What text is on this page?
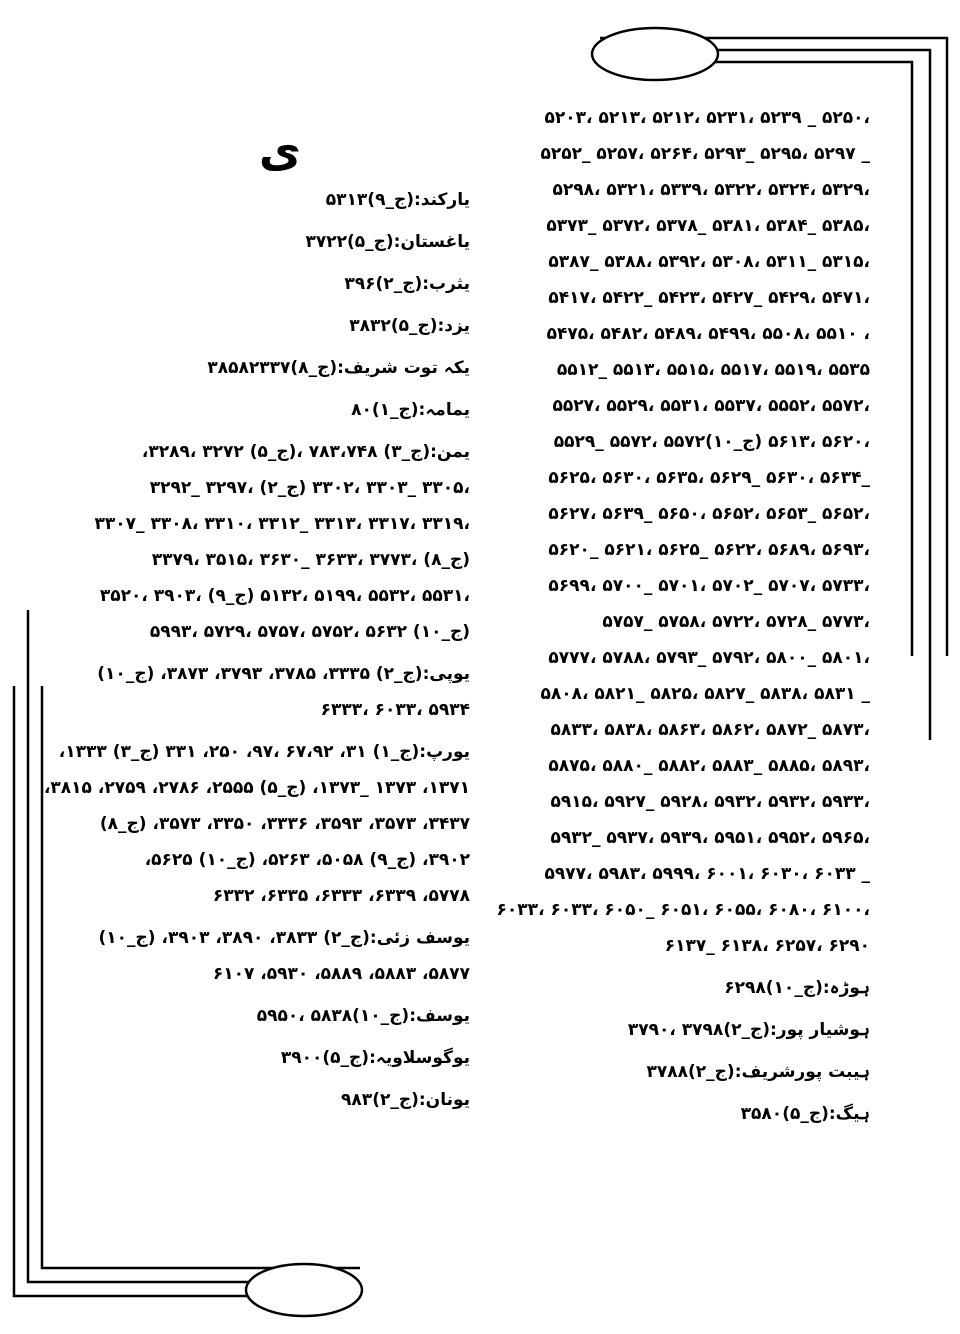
،۵۲۵۰ _ ۵۲۳۹ ،۵۲۳۱ ،۵۲۱۲ ،۵۲۱۳ ،۵۲۰۳
_ ۵۲۹۷ ،۵۲۹۵ _۵۲۹۳ ،۵۲۶۴ ،۵۲۵۷ _۵۲۵۲
،۵۳۲۹ ،۵۳۲۴ ،۵۳۲۲ ،۵۳۳۹ ،۵۳۲۱ ،۵۲۹۸
،۵۳۸۵ _۵۳۸۴ ،۵۳۸۱ _۵۳۷۸ ،۵۳۷۲ _۵۳۷۳
،۵۳۱۵ _۵۳۱۱ ،۵۳۰۸ ،۵۳۹۲ ،۵۳۸۸ _۵۳۸۷
،۵۴۷۱ ،۵۴۲۹ _۵۴۲۷ ،۵۴۲۳ _۵۴۲۲ ،۵۴۱۷
، ۵۵۱۰ ،۵۵۰۸ ،۵۴۹۹ ،۵۴۸۹ ،۵۴۸۲ ،۵۴۷۵
۵۵۳۵ ،۵۵۱۹ ،۵۵۱۷ ،۵۵۱۵ ،۵۵۱۳ _۵۵۱۲
،۵۵۷۲ ،۵۵۵۲ ،۵۵۳۷ ،۵۵۳۱ ،۵۵۲۹ ،۵۵۲۷
،۵۶۲۰ ،۵۶۱۳ (ج_۱۰)۵۵۷۲ ،۵۵۷۲ _۵۵۲۹
_۵۶۳۴ ،۵۶۳۰ _۵۶۲۹ ،۵۶۳۵ ،۵۶۳۰ ،۵۶۲۵
،۵۶۵۲ _۵۶۵۳ ،۵۶۵۲ ،۵۶۵۰ _۵۶۳۹ ،۵۶۲۷
،۵۶۹۳ ،۵۶۸۹ ،۵۶۲۲ _۵۶۲۵ ،۵۶۲۱ _۵۶۲۰
،۵۷۳۳ ،۵۷۰۷ _۵۷۰۲ ،۵۷۰۱ _۵۷۰۰ ،۵۶۹۹
،۵۷۷۳ _۵۷۲۸ ،۵۷۲۲ ،۵۷۵۸ _۵۷۵۷
،۵۸۰۱ _۵۸۰۰ ،۵۷۹۲ _۵۷۹۳ ،۵۷۸۸ ،۵۷۷۷
_ ۵۸۳۱ ،۵۸۳۸ _۵۸۲۷ ،۵۸۲۵ _۵۸۲۱ ،۵۸۰۸
،۵۸۷۳ _۵۸۷۲ ،۵۸۶۲ ،۵۸۶۳ ،۵۸۳۸ ،۵۸۳۳
،۵۸۹۳ ،۵۸۸۵ _۵۸۸۳ ،۵۸۸۲ _۵۸۸۰ ،۵۸۷۵
،۵۹۳۳ ،۵۹۳۲ ،۵۹۳۲ ،۵۹۲۸ _۵۹۲۷ ،۵۹۱۵
،۵۹۶۵ ،۵۹۵۲ ،۵۹۵۱ ،۵۹۳۹ ،۵۹۳۷ _۵۹۳۲
_ ۶۰۳۳ ،۶۰۳۰ ،۶۰۰۱ ،۵۹۹۹ ،۵۹۸۳ ،۵۹۷۷
،۶۱۰۰ ،۶۰۸۰ ،۶۰۵۵ ،۶۰۵۱ _۶۰۵۰ ،۶۰۳۳ ،۶۰۳۳
۶۲۹۰ ،۶۲۵۷ ،۶۱۳۸ _۶۱۳۷
ہوڑہ:(ج_۱۰)۶۲۹۸
ہوشیار پور:(ج_۲)۳۷۹۸ ،۳۷۹۰
ہیبت پورشریف:(ج_۲)۳۷۸۸
ہیگ:(ج_۵)۳۵۸۰
ی
یارکند:(ج_۹)۵۳۱۳
یاغستان:(ج_۵)۳۷۲۲
یثرب:(ج_۲)۳۹۶
یزد:(ج_۵)۳۸۳۲
یکہ توت شریف:(ج_۸)۳۸۵۸۲۳۳۷
یمامہ:(ج_۱)۸۰
یمن:(ج_۳) ۷۸۳،۷۴۸ ،(ج_۵) ۳۲۷۲ ،۳۲۸۹،
،۳۳۰۵ _۳۳۰۳ ،۳۳۰۲ (ج_۲) ،۳۲۹۷ _۳۲۹۲
،۳۳۱۹ ،۳۳۱۷ ،۳۳۱۳ _۳۳۱۲ ،۳۳۱۰ ،۳۳۰۸ _۳۳۰۷
(ج_۸) ،۳۷۷۳ ،۳۶۳۳ _۳۶۳۰ ،۳۵۱۵ ،۳۳۷۹
،۵۵۳۱ ،۵۵۳۲ ،۵۱۹۹ ،۵۱۳۲ (ج_۹) ،۳۹۰۳ ،۳۵۲۰
(ج_۱۰) ۵۶۳۲ ،۵۷۵۲ ،۵۷۵۷ ،۵۷۲۹ ،۵۹۹۳
یوپی:(ج_۲) ۳۳۳۵، ۳۷۸۵، ۳۷۹۳، ۳۸۷۳، (ج_۱۰)
۵۹۳۴ ،۶۰۳۳ ،۶۳۳۳
یورپ:(ج_۱) ۳۱، ۶۷،۹۲ ،۹۷، ۲۵۰، ۳۳۱ (ج_۳) ۱۳۳۳،
۱۳۷۱، ۱۳۷۳ _۱۳۷۳، (ج_۵) ۲۵۵۵، ۲۷۸۶، ۲۷۵۹، ۳۸۱۵،
۳۴۳۷، ۳۵۷۳، ۳۵۹۳، ۳۳۳۶، ۳۳۵۰، ۳۵۷۳، (ج_۸)
۳۹۰۲، (ج_۹) ۵۰۵۸، ۵۲۶۳، (ج_۱۰) ۵۶۲۵،
۵۷۷۸، ۶۳۳۹، ۶۳۳۳، ۶۳۳۵، ۶۳۳۲
یوسف زئی:(ج_۲) ۳۸۳۳، ۳۸۹۰، ۳۹۰۳، (ج_۱۰)
۵۸۷۷، ۵۸۸۳، ۵۸۸۹، ۵۹۳۰، ۶۱۰۷
یوسف:(ج_۱۰)۵۸۳۸ ،۵۹۵۰
یوگوسلاویہ:(ج_۵)۳۹۰۰
یونان:(ج_۲)۹۸۳
